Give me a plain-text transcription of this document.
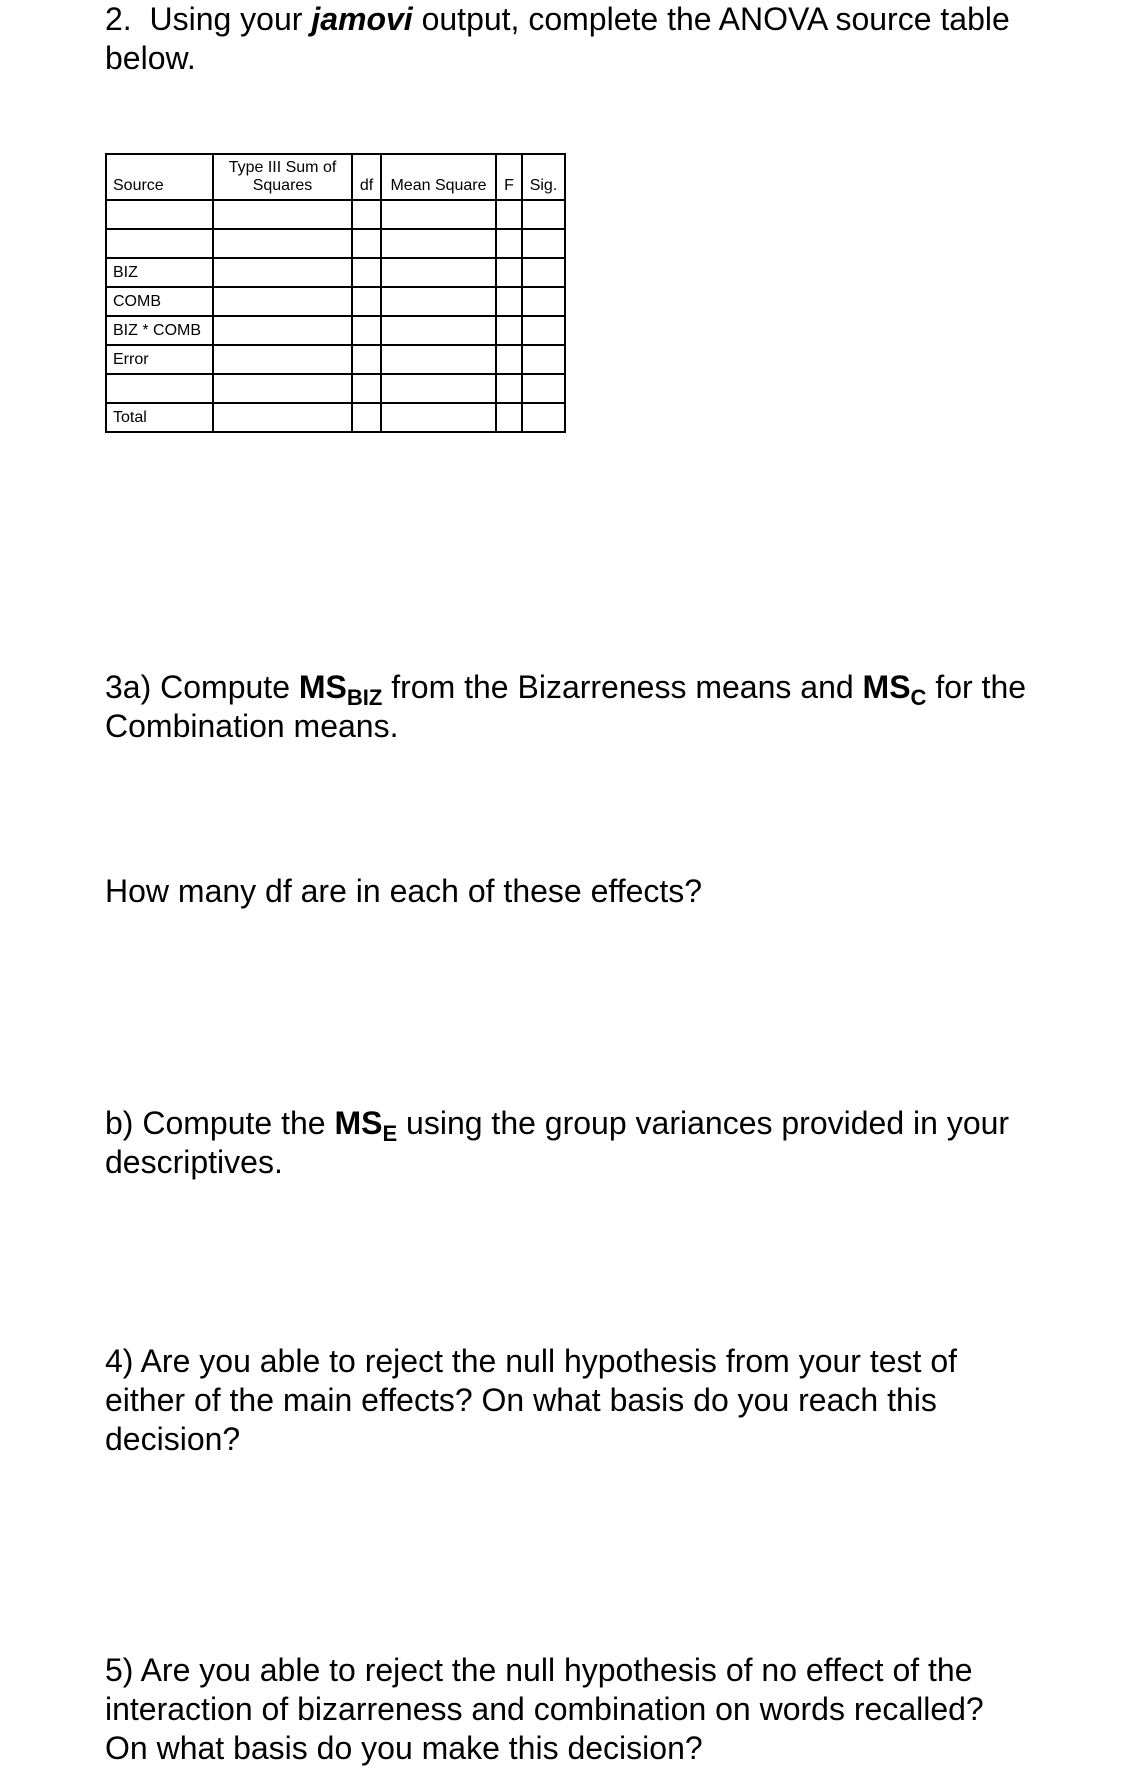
2. Using your jamovi output, complete the ANOVA source table below.

Source	Type III Sum of Squares	df	Mean Square	F	Sig.

BIZ					
COMB					
BIZ * COMB					
Error					

Total					

3a) Compute $MS_{BIZ}$ from the Bizarreness means and $MS_C$ for the Combination means.

How many df are in each of these effects?

b) Compute the $MS_E$ using the group variances provided in your descriptives.

4) Are you able to reject the null hypothesis from your test of either of the main effects? On what basis do you reach this decision?

5) Are you able to reject the null hypothesis of no effect of the interaction of bizarreness and combination on words recalled?
On what basis do you make this decision?
